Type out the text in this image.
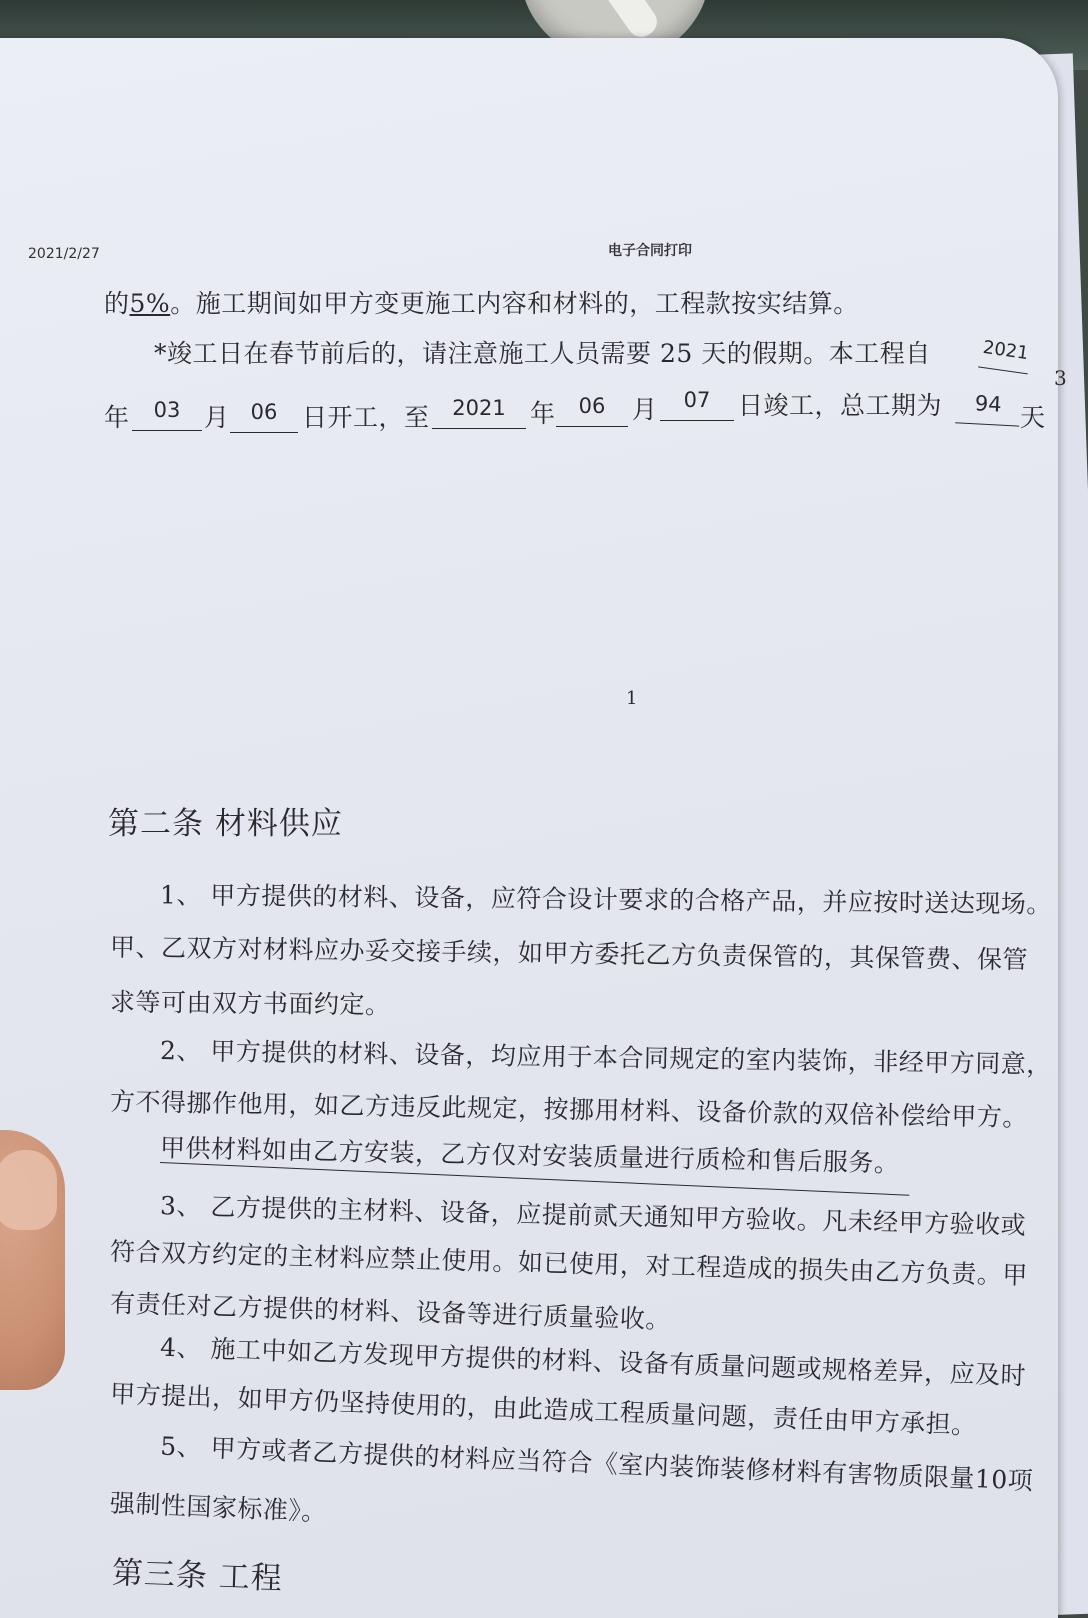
2021/2/27	电子合同打印
的5%。施工期间如甲方变更施工内容和材料的，工程款按实结算。
*竣工日在春节前后的，请注意施工人员需要 25 天的假期。本工程自	2021
3
年	03 月	06 日开工，至	2021 年	06	月	07	日竣工，总工期为	94 天
1
第二条 材料供应
1、 甲方提供的材料、设备，应符合设计要求的合格产品，并应按时送达现场。
甲、乙双方对材料应办妥交接手续，如甲方委托乙方负责保管的，其保管费、保管
求等可由双方书面约定。
2、 甲方提供的材料、设备，均应用于本合同规定的室内装饰，非经甲方同意，
方不得挪作他用，如乙方违反此规定，按挪用材料、设备价款的双倍补偿给甲方。
甲供材料如由乙方安装，乙方仅对安装质量进行质检和售后服务。
3、 乙方提供的主材料、设备，应提前贰天通知甲方验收。凡未经甲方验收或
符合双方约定的主材料应禁止使用。如已使用，对工程造成的损失由乙方负责。甲
有责任对乙方提供的材料、设备等进行质量验收。
4、 施工中如乙方发现甲方提供的材料、设备有质量问题或规格差异，应及时
甲方提出，如甲方仍坚持使用的，由此造成工程质量问题，责任由甲方承担。
5、 甲方或者乙方提供的材料应当符合《室内装饰装修材料有害物质限量10项
强制性国家标准》。
第三条 工程
